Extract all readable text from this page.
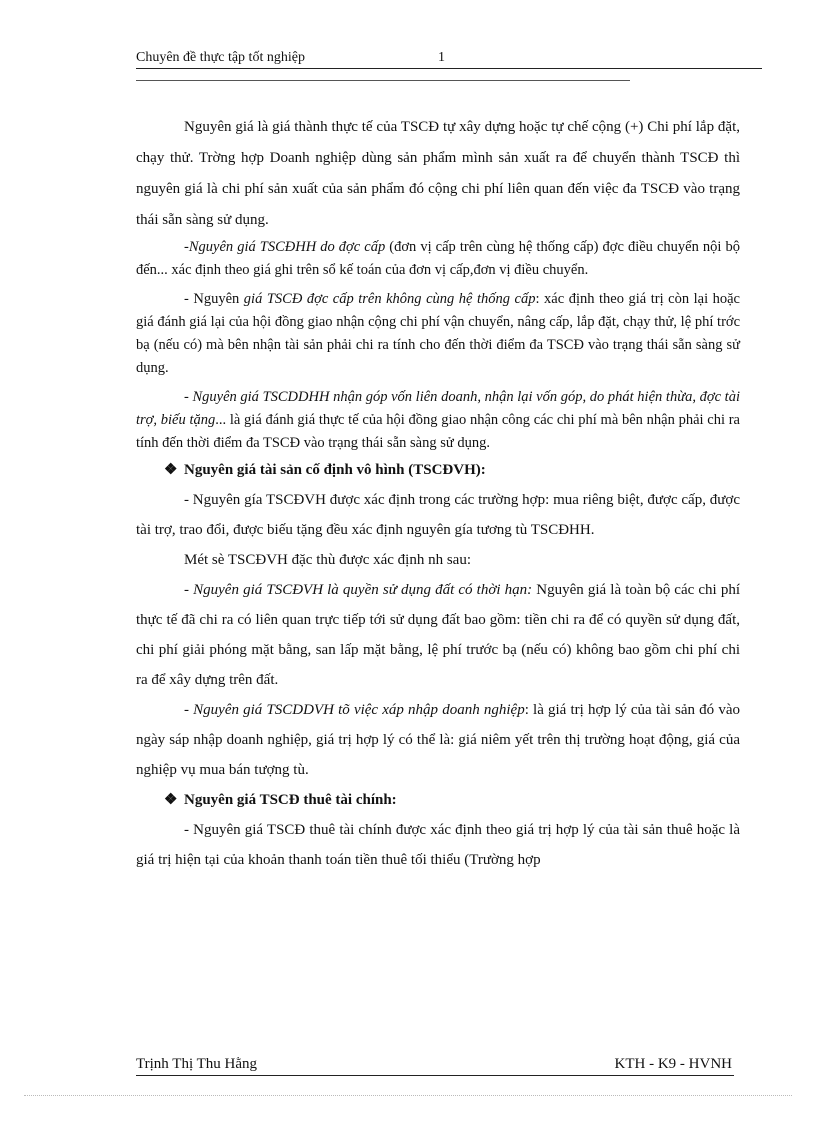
Chuyên đề thực tập tốt nghiệp	1

Nguyên giá là giá thành thực tế của TSCĐ tự xây dựng hoặc tự chế cộng (+) Chi phí lắp đặt, chạy thử. Trờng hợp Doanh nghiệp dùng sản phẩm mình sản xuất ra để chuyển thành TSCĐ thì nguyên giá là chi phí sản xuất của sản phẩm đó cộng chi phí liên quan đến việc đa TSCĐ vào trạng thái sẵn sàng sử dụng.

-Nguyên giá TSCĐHH do đợc cấp (đơn vị cấp trên cùng hệ thống cấp) đợc điều chuyển nội bộ đến... xác định theo giá ghi trên sổ kế toán của đơn vị cấp,đơn vị điều chuyển.

- Nguyên giá TSCĐ đợc cấp trên không cùng hệ thống cấp: xác định theo giá trị còn lại hoặc giá đánh giá lại của hội đồng giao nhận cộng chi phí vận chuyển, nâng cấp, lắp đặt, chạy thử, lệ phí trớc bạ (nếu có) mà bên nhận tài sản phải chi ra tính cho đến thời điểm đa TSCĐ vào trạng thái sẵn sàng sử dụng.

- Nguyên giá TSCDDHH nhận góp vốn liên doanh, nhận lại vốn góp, do phát hiện thừa, đợc tài trợ, biếu tặng... là giá đánh giá thực tế của hội đồng giao nhận công các chi phí mà bên nhận phải chi ra tính đến thời điểm đa TSCĐ vào trạng thái sẵn sàng sử dụng.

❖ Nguyên giá tài sản cố định vô hình (TSCĐVH):

- Nguyên gía TSCĐVH được xác định trong các trường hợp: mua riêng biệt, được cấp, được tài trợ, trao đổi, được biếu tặng đều xác định nguyên gía tương tù TSCĐHH.

Mét sè TSCĐVH đặc thù được xác định nh sau:

- Nguyên giá TSCĐVH là quyền sử dụng đất có thời hạn: Nguyên giá là toàn bộ các chi phí thực tế đã chi ra có liên quan trực tiếp tới sử dụng đất bao gồm: tiền chi ra để có quyền sử dụng đất, chi phí giải phóng mặt bằng, san lấp mặt bằng, lệ phí trước bạ (nếu có) không bao gồm chi phí chi ra để xây dựng trên đất.

- Nguyên giá TSCDDVH tõ việc xáp nhập doanh nghiệp: là giá trị hợp lý của tài sản đó vào ngày sáp nhập doanh nghiệp, giá trị hợp lý có thể là: giá niêm yết trên thị trường hoạt động, giá của nghiệp vụ mua bán tượng tù.

❖ Nguyên giá TSCĐ thuê tài chính:

- Nguyên giá TSCĐ thuê tài chính được xác định theo giá trị hợp lý của tài sản thuê hoặc là giá trị hiện tại của khoản thanh toán tiền thuê tối thiểu (Trường hợp

Trịnh Thị Thu Hằng	KTH - K9 - HVNH
